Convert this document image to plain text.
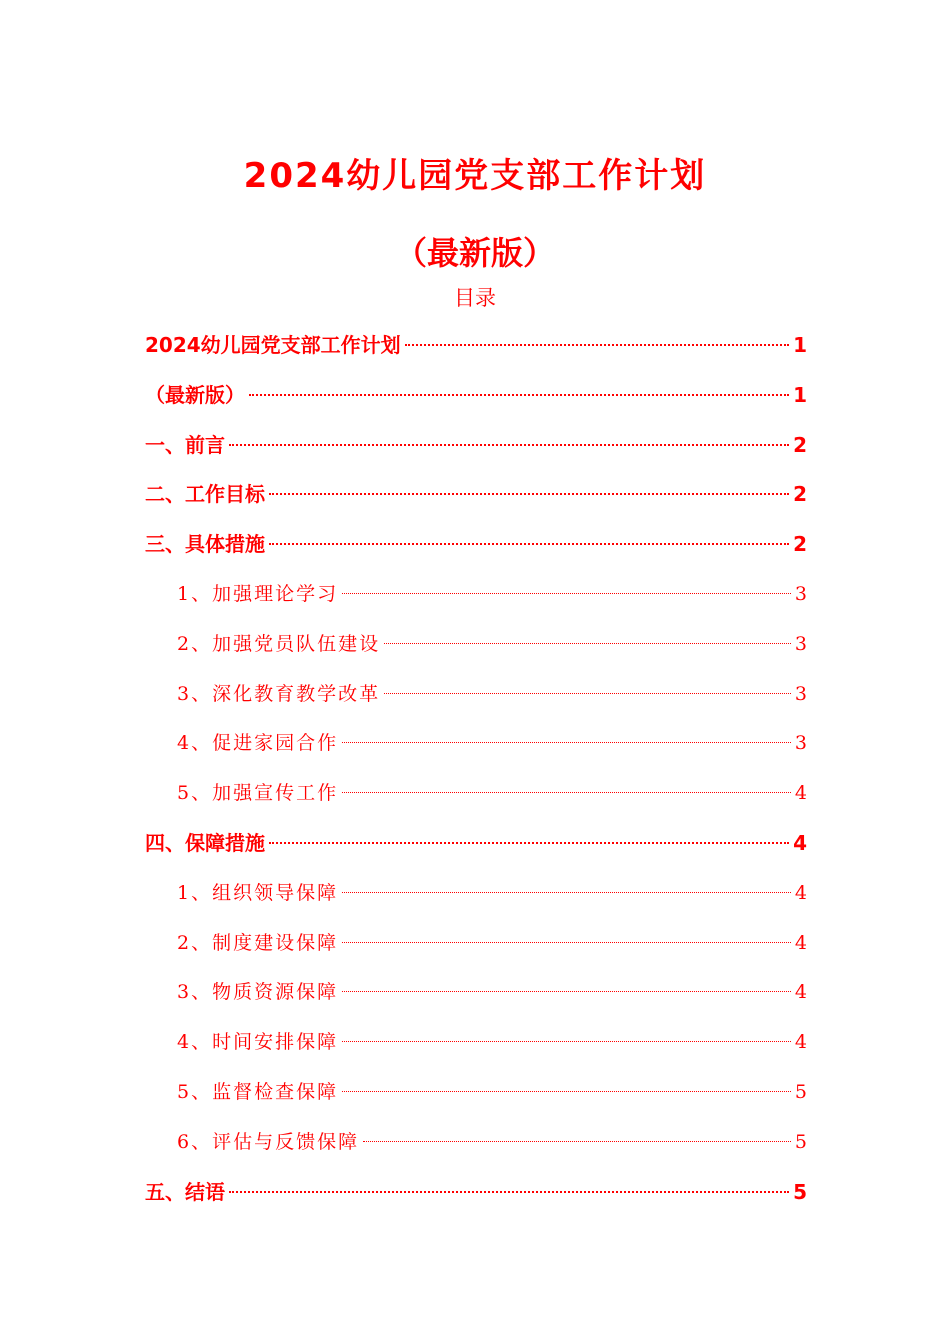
2024幼儿园党支部工作计划
（最新版）
目录
2024幼儿园党支部工作计划	1
（最新版）	1
一、前言	2
二、工作目标	2
三、具体措施	2
1、加强理论学习	3
2、加强党员队伍建设	3
3、深化教育教学改革	3
4、促进家园合作	3
5、加强宣传工作	4
四、保障措施	4
1、组织领导保障	4
2、制度建设保障	4
3、物质资源保障	4
4、时间安排保障	4
5、监督检查保障	5
6、评估与反馈保障	5
五、结语	5
